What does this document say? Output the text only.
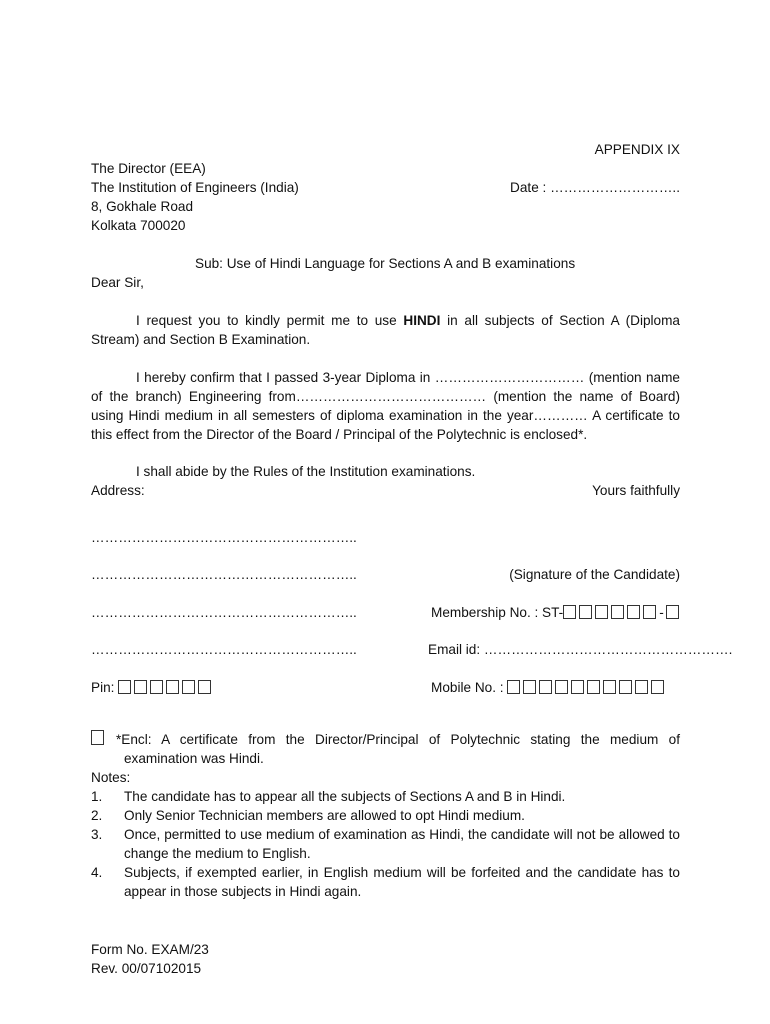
APPENDIX IX
Date : ………………………..
The Director (EEA)
The Institution of Engineers (India)
8, Gokhale Road
Kolkata 700020
Sub: Use of Hindi Language for Sections A and B examinations
Dear Sir,
I request you to kindly permit me to use HINDI in all subjects of Section A (Diploma Stream) and Section B Examination.
I hereby confirm that I passed 3-year Diploma in …………………………… (mention name of the branch) Engineering from…………………………………… (mention the name of Board) using Hindi medium in all semesters of diploma examination in the year………… A certificate to this effect from the Director of the Board / Principal of the Polytechnic is enclosed*.
I shall abide by the Rules of the Institution examinations.
Address:	Yours faithfully
…………………………………………………..
…………………………………………………..	(Signature of the Candidate)
…………………………………………………..	Membership No. : ST-	-
…………………………………………………..	Email id: ……………………………………………….
Pin:	Mobile No. :
*Encl: A certificate from the Director/Principal of Polytechnic stating the medium of
examination was Hindi.
Notes:
1. The candidate has to appear all the subjects of Sections A and B in Hindi.
2. Only Senior Technician members are allowed to opt Hindi medium.
3. Once, permitted to use medium of examination as Hindi, the candidate will not be allowed to change the medium to English.
4. Subjects, if exempted earlier, in English medium will be forfeited and the candidate has to appear in those subjects in Hindi again.
Form No. EXAM/23
Rev. 00/07102015
